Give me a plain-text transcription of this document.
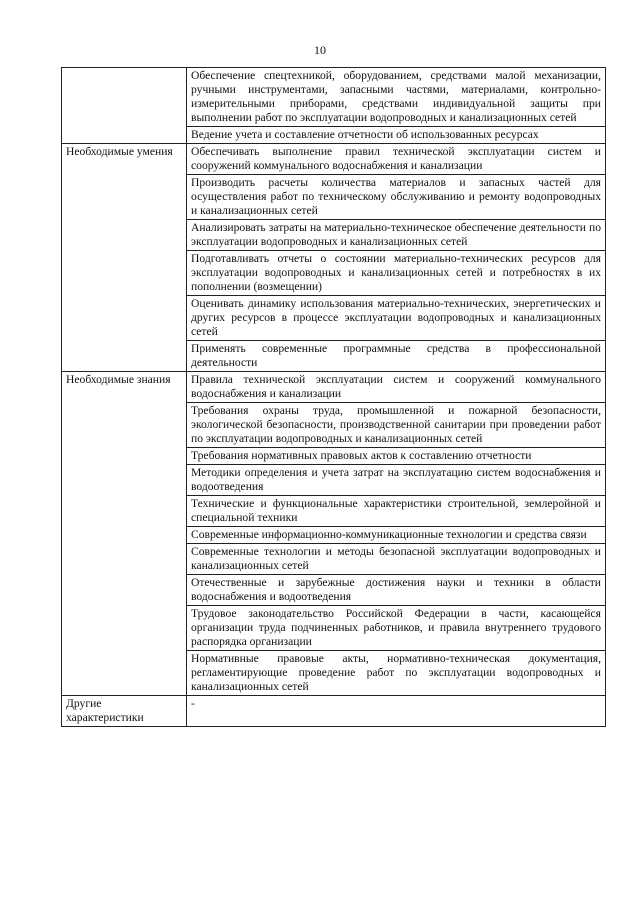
10
	Обеспечение спецтехникой, оборудованием, средствами малой механизации, ручными инструментами, запасными частями, материалами, контрольно-измерительными приборами, средствами индивидуальной защиты при выполнении работ по эксплуатации водопроводных и канализационных сетей
	Ведение учета и составление отчетности об использованных ресурсах
Необходимые умения	Обеспечивать выполнение правил технической эксплуатации систем и сооружений коммунального водоснабжения и канализации
	Производить расчеты количества материалов и запасных частей для осуществления работ по техническому обслуживанию и ремонту водопроводных и канализационных сетей
	Анализировать затраты на материально-техническое обеспечение деятельности по эксплуатации водопроводных и канализационных сетей
	Подготавливать отчеты о состоянии материально-технических ресурсов для эксплуатации водопроводных и канализационных сетей и потребностях в их пополнении (возмещении)
	Оценивать динамику использования материально-технических, энергетических и других ресурсов в процессе эксплуатации водопроводных и канализационных сетей
	Применять современные программные средства в профессиональной деятельности
Необходимые знания	Правила технической эксплуатации систем и сооружений коммунального водоснабжения и канализации
	Требования охраны труда, промышленной и пожарной безопасности, экологической безопасности, производственной санитарии при проведении работ по эксплуатации водопроводных и канализационных сетей
	Требования нормативных правовых актов к составлению отчетности
	Методики определения и учета затрат на эксплуатацию систем водоснабжения и водоотведения
	Технические и функциональные характеристики строительной, землеройной и специальной техники
	Современные информационно-коммуникационные технологии и средства связи
	Современные технологии и методы безопасной эксплуатации водопроводных и канализационных сетей
	Отечественные и зарубежные достижения науки и техники в области водоснабжения и водоотведения
	Трудовое законодательство Российской Федерации в части, касающейся организации труда подчиненных работников, и правила внутреннего трудового распорядка организации
	Нормативные правовые акты, нормативно-техническая документация, регламентирующие проведение работ по эксплуатации водопроводных и канализационных сетей
Другие характеристики	-
